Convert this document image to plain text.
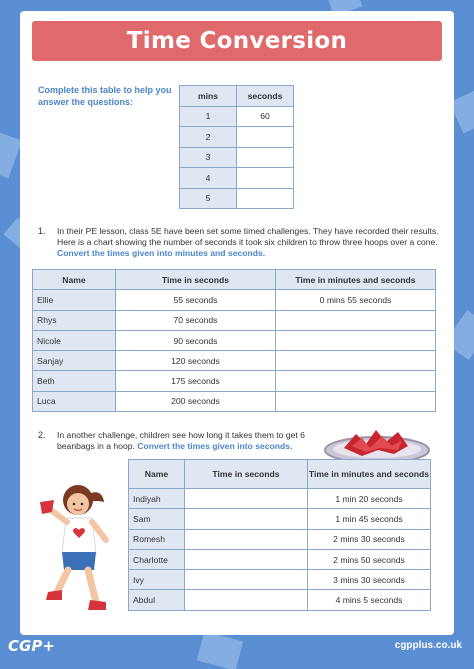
Time Conversion
Complete this table to help you answer the questions:
mins	seconds
1	60
2	
3	
4	
5	
1. In their PE lesson, class 5E have been set some timed challenges. They have recorded their results. Here is a chart showing the number of seconds it took six children to throw three hoops over a cone. Convert the times given into minutes and seconds.
Name	Time in seconds	Time in minutes and seconds
Ellie	55 seconds	0 mins 55 seconds
Rhys	70 seconds	
Nicole	90 seconds	
Sanjay	120 seconds	
Beth	175 seconds	
Luca	200 seconds	
2. In another challenge, children see how long it takes them to get 6 beanbags in a hoop. Convert the times given into seconds.
Name	Time in seconds	Time in minutes and seconds
Indiyah		1 min 20 seconds
Sam		1 min 45 seconds
Romesh		2 mins 30 seconds
Charlotte		2 mins 50 seconds
Ivy		3 mins 30 seconds
Abdul		4 mins 5 seconds
CGP+	cgpplus.co.uk
